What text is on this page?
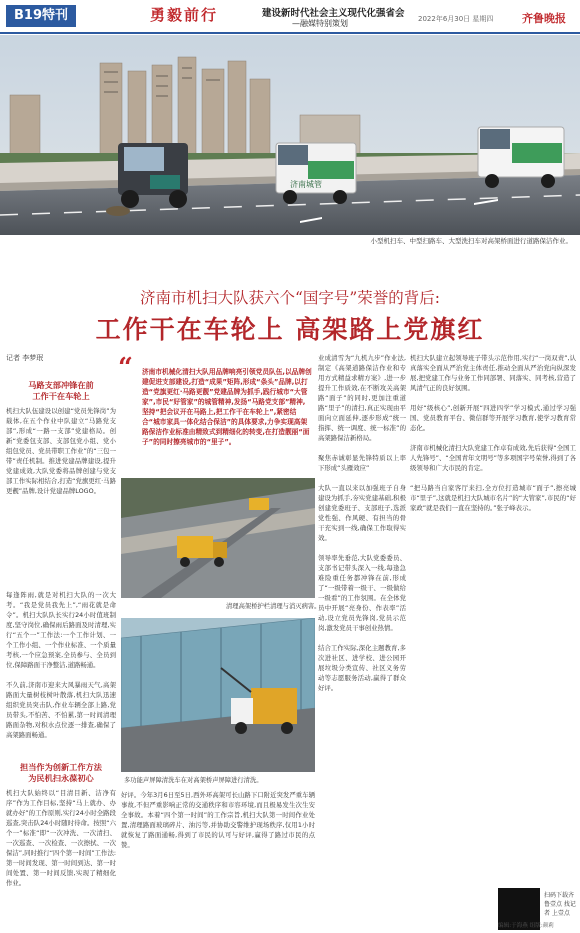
B19特刊	勇毅前行	建设新时代社会主义现代化强省会
—融媒特别策划	2022年6月30日 星期四	齐鲁晚报
济南城管
小型机扫车、中型扫路车、大型洗扫车对高架桥面进行道路保洁作业。
济南市机扫大队获六个“国字号”荣誉的背后:
工作干在车轮上 高架路上党旗红
记者 李梦珉
马路支部冲锋在前
工作干在车轮上
机扫大队伍建设以创建“党员先锋岗”为载体,在五个作业中队建立“马路党支部”,形成“一路一支部”党建格局。创新“党委包支部、支部包党小组、党小组包党员、党员带职工作业”的“三包一带”责任机制。推进党建品牌建设,提升党建成效,大队党委将品牌创建与党支部工作实际相结合,打造“党旗更红·马路更靓”品牌,设计党建品牌LOGO。
每逢阵雨,就是对机扫大队的一次大考。“我是党员我先上”,“雨花就是命令”。机扫大队队长实行24小时值班制度,坚守岗位,确保雨后路面及时清理,实行“五个一”工作法:一个工作计划、一个工作小组、一个作业标准、一个质量考核,一个应急预案,全员参与、全员到位,保障路面干净整洁,道路畅通。
不久前,济南市迎来大风暴雨天气,高架路面大量树枝树叶散落,机扫大队迅速组织党员突击队,作业车辆全部上路,党员带头,不怕苦、不怕累,第一时间清理路面杂物,对积水点位逐一排查,确保了高架路面畅通。
担当作为创新工作方法
为民机扫永葆初心
机扫大队始终以“目清目新、洁净有序”作为工作目标,坚持“马上就办、办就办好”的工作原则,实行24小时全路段巡查,突击队24小时随时待命。按照“六个一”标准“即“一次冲洗、一次清扫、一次巡查、一次检查、一次擦拭、一次保洁”,同时推行“四个第一时间”工作法:第一时间发现、第一时间到达、第一时间处置、第一时间反馈,实现了精细化作业。
“ 济南市机械化清扫大队用品牌响亮引领党员队伍,以品牌创建促进支部建设,打造“成果”矩阵,形成“条头”品牌,以打造“党旗更红·马路更靓”党建品牌为抓手,践行城市“大管家”,市民“好管家”的城管精神,发扬“马路党支部”精神,坚持“把会议开在马路上,把工作干在车轮上”,紧密结合“城市家具一体化结合保洁”的具体要求,力争实现高架路保洁作业标准由精致式到精细化的转变,在打造靓丽“面子”的同时擦亮城市的“里子”。
清理高架桥护栏清理与消灭病害。
多功能声屏障清洗车在对高架桥声屏障进行清洗。
好评。今年3月6日至5日,西外环高架可长山路下口附近突发严重车辆事故,不但严重影响正常的交通秩序和市容环境,而且极易发生次生安全事故。本着“四个第一时间”的工作宗旨,机扫大队第一时间作业处置,清理路面玻璃碎片、油污等,并协助交警维护现场秩序,仅用1小时就恢复了路面通畅,得到了市民的认可与好评,赢得了路过市民的点赞。
业成清雪为“九机九步”作业法,制定《高架道路保洁作业和专用方式精益求精方案》,进一步提升工作质效,在不断攻关高架路“面子”的同时,更加注重道路“里子”的清扫,真正实现由平面向立面延伸,逐步形成“统一指挥、统一调度、统一标准”的高架路保洁新格局。

聚焦赤诚彰显先锋特质以上率下形成“头雁效应”

大队一直以来以加强班子自身建设为抓手,夯实党建基础,积极创建党委班子、支部班子,选派党性强、作风硬、有担当的骨干充实到一线,确保工作取得实效。

领导率先垂范,大队党委委员、支部书记带头深入一线,每逢急难险重任务都冲锋在前,形成了“一级带着一级干、一级做给一级看”的工作氛围。在全体党员中开展“亮身份、作表率”活动,设立党员先锋岗,党员示范岗,激发党员干事创业热情。

结合工作实际,深化主题教育,多次进社区、进学校、进公园开展垃圾分类宣传、社区义务劳动等志愿服务活动,赢得了群众好评。
机扫大队建立起领导班子带头示范作用,实行“一岗双责”,认真落实全面从严治党主体责任,推动全面从严治党向纵深发展,把党建工作与业务工作同部署、同落实、同考核,营造了风清气正的良好氛围。

用好“级核心”,创新开展“四进四学”学习模式,通过学习强国、党员教育平台、微信群等开展学习教育,使学习教育常态化。

济南市机械化清扫大队党建工作卓有成效,先后获得“全国工人先锋号”、“全国青年文明号”等多项国字号荣誉,得到了各级领导和广大市民的肯定。

“把马路当自家客厅来扫,全方位打造城市“面子”,擦亮城市“里子”,这就是机扫大队城市名片”的“大管家”,市民的“好家政”就是我们一直在坚持的。”张子峰表示。
扫码下载齐鲁壹点 找记者 上壹点
编辑:于海燕 组版:颜莉
